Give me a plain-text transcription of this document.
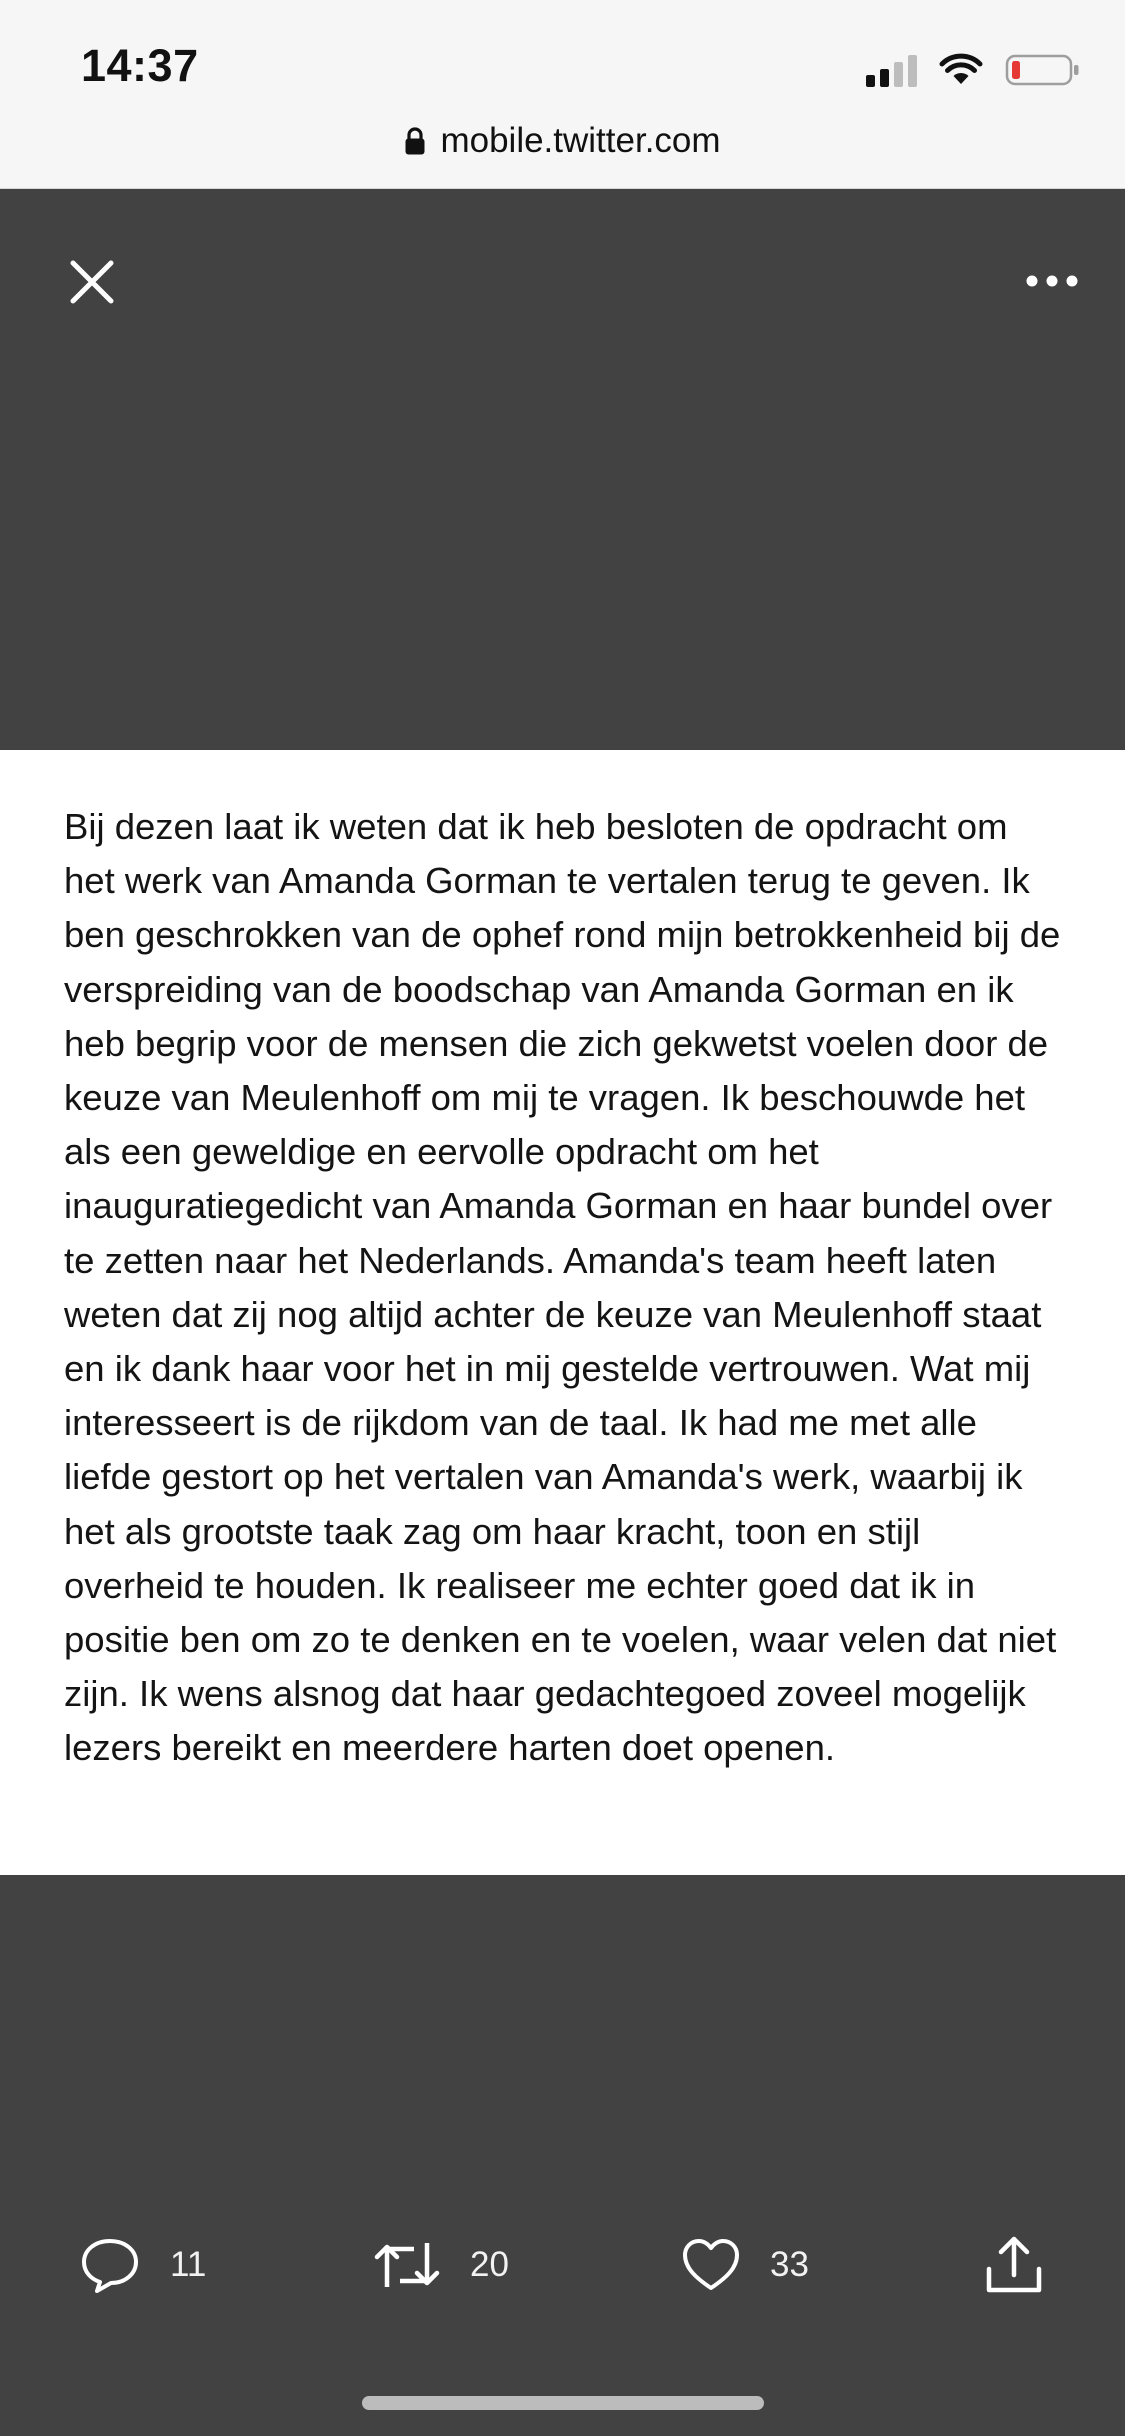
14:37
mobile.twitter.com

Bij dezen laat ik weten dat ik heb besloten de opdracht om het werk van Amanda Gorman te vertalen terug te geven. Ik ben geschrokken van de ophef rond mijn betrokkenheid bij de verspreiding van de boodschap van Amanda Gorman en ik heb begrip voor de mensen die zich gekwetst voelen door de keuze van Meulenhoff om mij te vragen. Ik beschouwde het als een geweldige en eervolle opdracht om het inauguratiegedicht van Amanda Gorman en haar bundel over te zetten naar het Nederlands. Amanda's team heeft laten weten dat zij nog altijd achter de keuze van Meulenhoff staat en ik dank haar voor het in mij gestelde vertrouwen. Wat mij interesseert is de rijkdom van de taal. Ik had me met alle liefde gestort op het vertalen van Amanda's werk, waarbij ik het als grootste taak zag om haar kracht, toon en stijl overheid te houden. Ik realiseer me echter goed dat ik in positie ben om zo te denken en te voelen, waar velen dat niet zijn. Ik wens alsnog dat haar gedachtegoed zoveel mogelijk lezers bereikt en meerdere harten doet openen.

11	20	33
